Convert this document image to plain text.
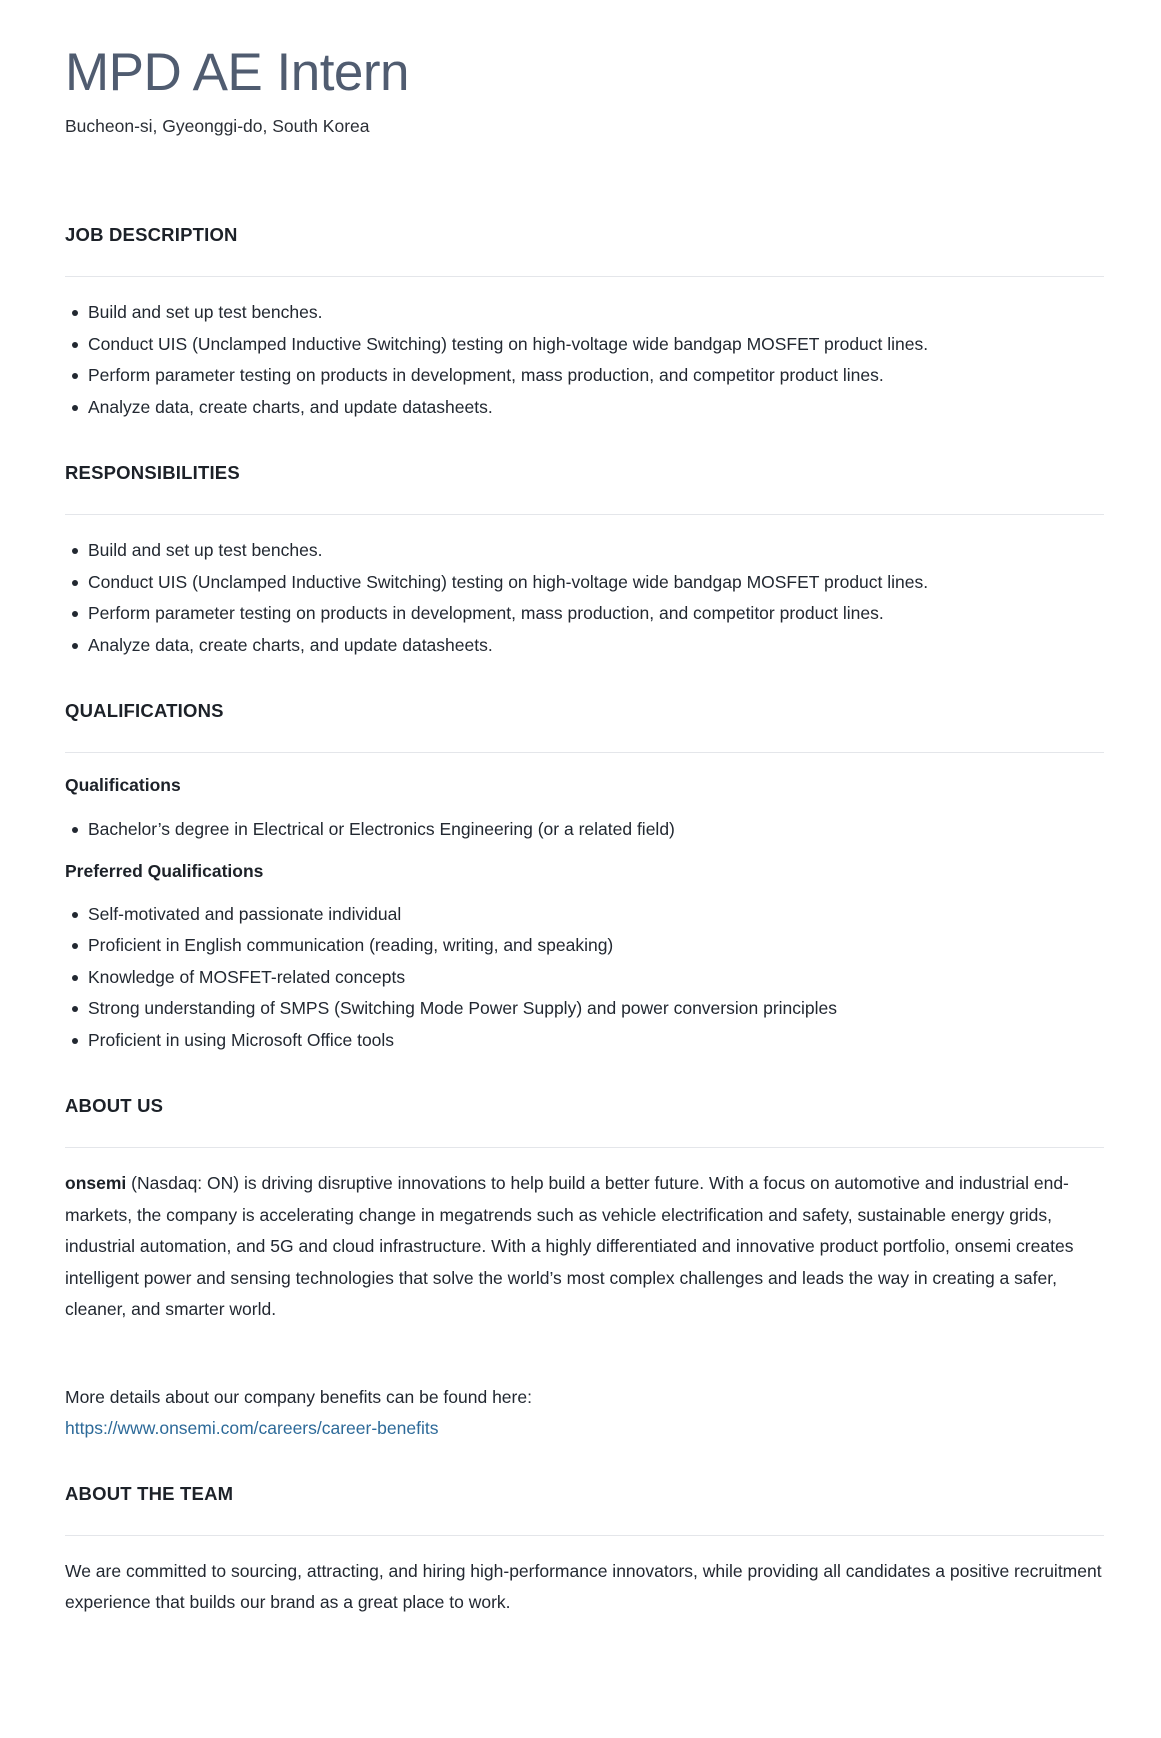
MPD AE Intern

Bucheon-si, Gyeonggi-do, South Korea

JOB DESCRIPTION
Build and set up test benches.
Conduct UIS (Unclamped Inductive Switching) testing on high-voltage wide bandgap MOSFET product lines.
Perform parameter testing on products in development, mass production, and competitor product lines.
Analyze data, create charts, and update datasheets.
RESPONSIBILITIES
Build and set up test benches.
Conduct UIS (Unclamped Inductive Switching) testing on high-voltage wide bandgap MOSFET product lines.
Perform parameter testing on products in development, mass production, and competitor product lines.
Analyze data, create charts, and update datasheets.
QUALIFICATIONS
Qualifications
Bachelor’s degree in Electrical or Electronics Engineering (or a related field)
Preferred Qualifications
Self-motivated and passionate individual
Proficient in English communication (reading, writing, and speaking)
Knowledge of MOSFET-related concepts
Strong understanding of SMPS (Switching Mode Power Supply) and power conversion principles
Proficient in using Microsoft Office tools
ABOUT US

onsemi (Nasdaq: ON) is driving disruptive innovations to help build a better future. With a focus on automotive and industrial end-markets, the company is accelerating change in megatrends such as vehicle electrification and safety, sustainable energy grids, industrial automation, and 5G and cloud infrastructure. With a highly differentiated and innovative product portfolio, onsemi creates intelligent power and sensing technologies that solve the world’s most complex challenges and leads the way in creating a safer, cleaner, and smarter world.

More details about our company benefits can be found here:

https://www.onsemi.com/careers/career-benefits
ABOUT THE TEAM

We are committed to sourcing, attracting, and hiring high-performance innovators, while providing all candidates a positive recruitment experience that builds our brand as a great place to work.
